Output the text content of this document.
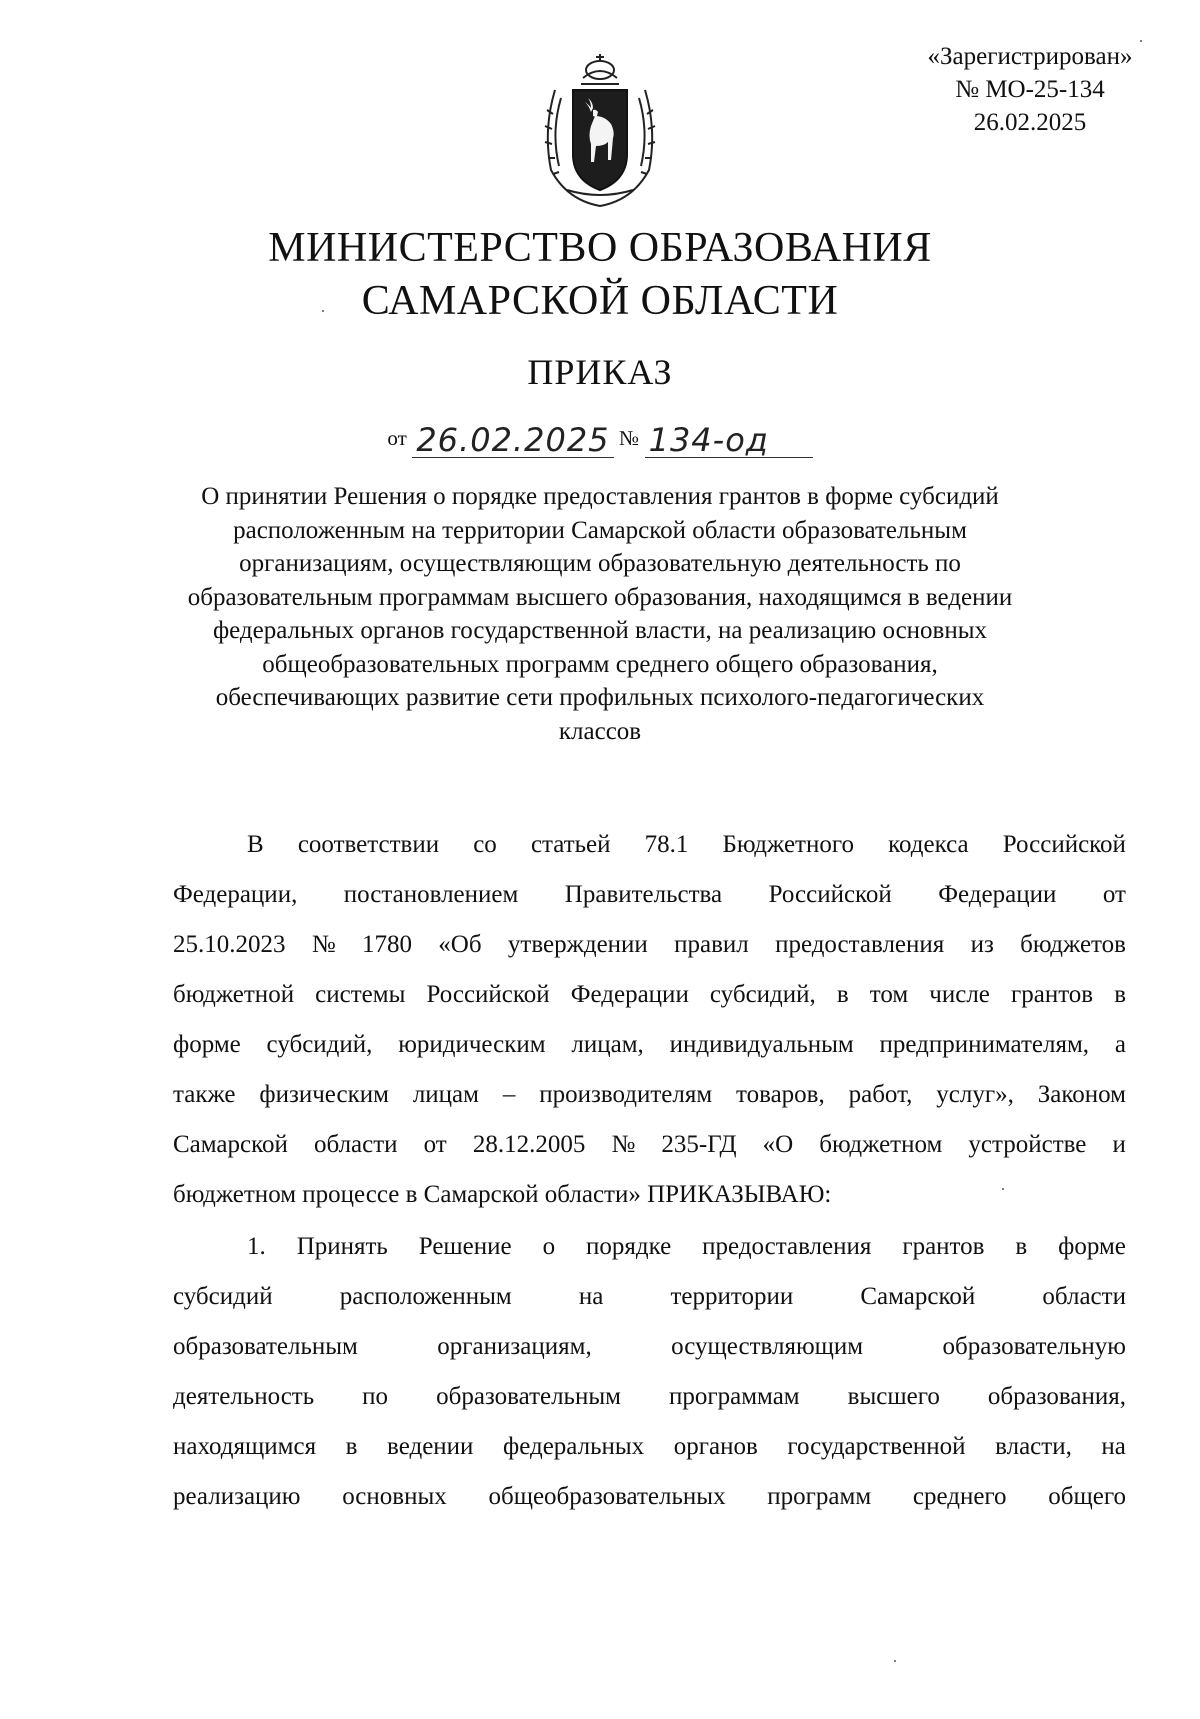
«Зарегистрирован»
№ МО-25-134
26.02.2025
МИНИСТЕРСТВО ОБРАЗОВАНИЯ
САМАРСКОЙ ОБЛАСТИ
ПРИКАЗ
от 26.02.2025 № 134-од
О принятии Решения о порядке предоставления грантов в форме субсидий
расположенным на территории Самарской области образовательным
организациям, осуществляющим образовательную деятельность по
образовательным программам высшего образования, находящимся в ведении
федеральных органов государственной власти, на реализацию основных
общеобразовательных программ среднего общего образования,
обеспечивающих развитие сети профильных психолого-педагогических
классов
В соответствии со статьей 78.1 Бюджетного кодекса Российской
Федерации, постановлением Правительства Российской Федерации от
25.10.2023 № 1780 «Об утверждении правил предоставления из бюджетов
бюджетной системы Российской Федерации субсидий, в том числе грантов в
форме субсидий, юридическим лицам, индивидуальным предпринимателям, а
также физическим лицам – производителям товаров, работ, услуг», Законом
Самарской области от 28.12.2005 № 235-ГД «О бюджетном устройстве и
бюджетном процессе в Самарской области» ПРИКАЗЫВАЮ:
1. Принять Решение о порядке предоставления грантов в форме
субсидий	расположенным	на	территории	Самарской	области
образовательным	организациям,	осуществляющим	образовательную
деятельность по образовательным программам высшего образования,
находящимся в ведении федеральных органов государственной власти, на
реализацию основных общеобразовательных программ среднего общего
